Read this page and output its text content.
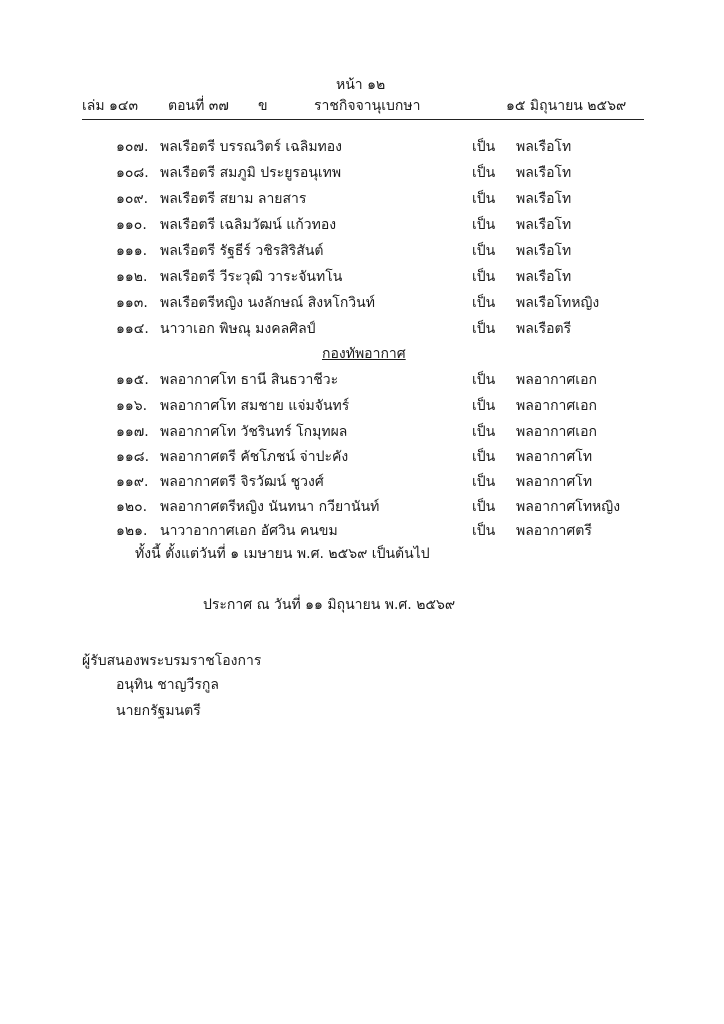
หน้า ๑๒
เล่ม ๑๔๓ ตอนที่ ๓๗ ข	ราชกิจจานุเบกษา	๑๕ มิถุนายน ๒๕๖๙
๑๐๗. พลเรือตรี บรรณวิตร์ เฉลิมทอง	เป็น พลเรือโท
๑๐๘. พลเรือตรี สมภูมิ ประยูรอนุเทพ	เป็น พลเรือโท
๑๐๙. พลเรือตรี สยาม ลายสาร	เป็น พลเรือโท
๑๑๐. พลเรือตรี เฉลิมวัฒน์ แก้วทอง	เป็น พลเรือโท
๑๑๑. พลเรือตรี รัฐธีร์ วชิรสิริสันต์	เป็น พลเรือโท
๑๑๒. พลเรือตรี วีระวุฒิ วาระจันทโน	เป็น พลเรือโท
๑๑๓. พลเรือตรีหญิง นงลักษณ์ สิงหโกวินท์	เป็น พลเรือโทหญิง
๑๑๔. นาวาเอก พิษณุ มงคลศิลป์	เป็น พลเรือตรี
กองทัพอากาศ
๑๑๕. พลอากาศโท ธานี สินธวาชีวะ	เป็น พลอากาศเอก
๑๑๖. พลอากาศโท สมชาย แจ่มจันทร์	เป็น พลอากาศเอก
๑๑๗. พลอากาศโท วัชรินทร์ โกมุทผล	เป็น พลอากาศเอก
๑๑๘. พลอากาศตรี คัชโภชน์ จ่าปะคัง	เป็น พลอากาศโท
๑๑๙. พลอากาศตรี จิรวัฒน์ ชูวงศ์	เป็น พลอากาศโท
๑๒๐. พลอากาศตรีหญิง นันทนา กวียานันท์	เป็น พลอากาศโทหญิง
๑๒๑. นาวาอากาศเอก อัศวิน คนขม	เป็น พลอากาศตรี
ทั้งนี้ ตั้งแต่วันที่ ๑ เมษายน พ.ศ. ๒๕๖๙ เป็นต้นไป
ประกาศ ณ วันที่ ๑๑ มิถุนายน พ.ศ. ๒๕๖๙
ผู้รับสนองพระบรมราชโองการ
อนุทิน ชาญวีรกูล
นายกรัฐมนตรี
